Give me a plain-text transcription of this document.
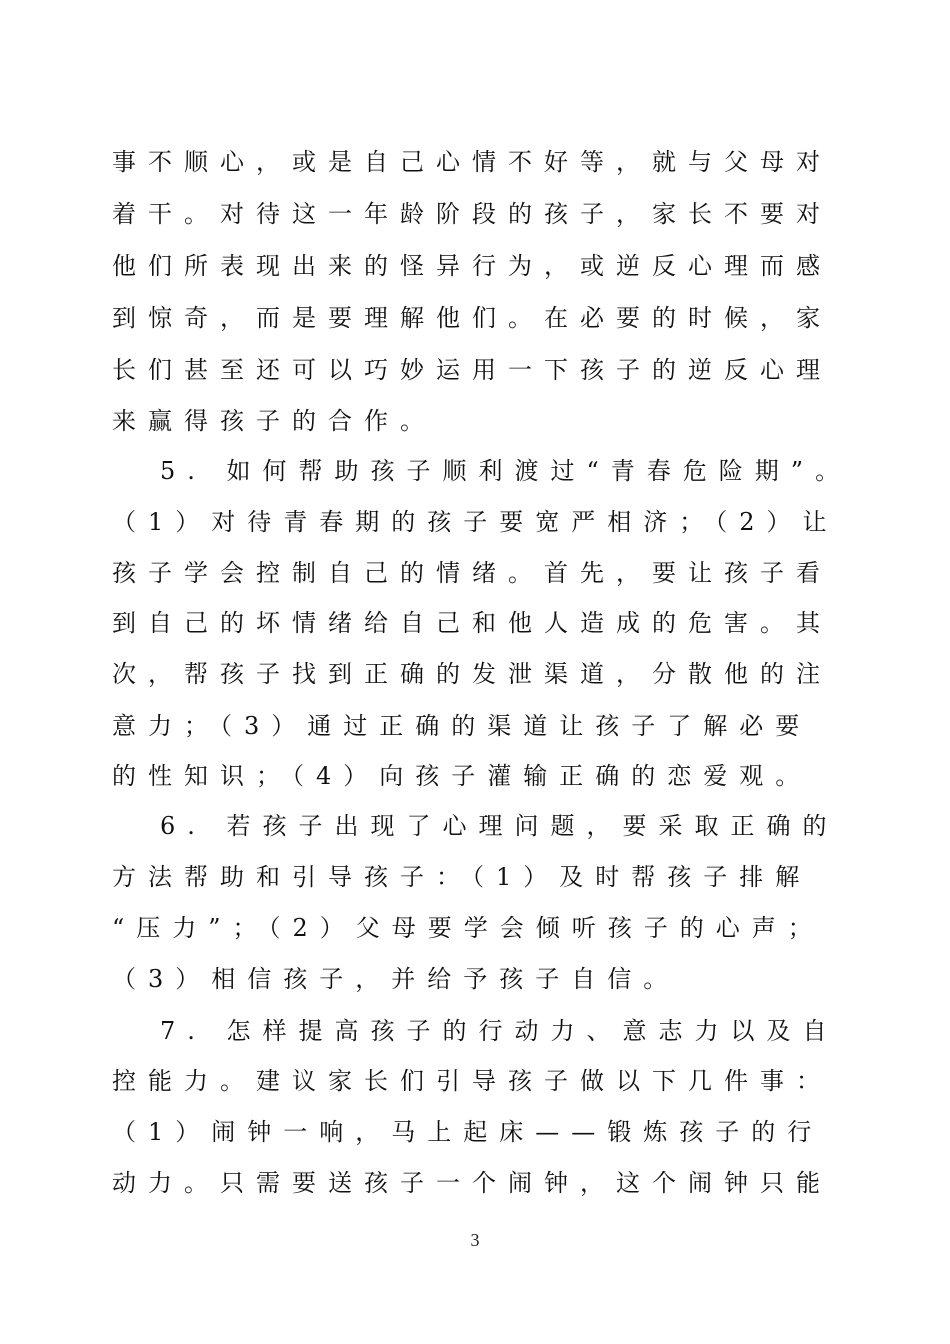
事不顺心，或是自己心情不好等，就与父母对
着干。对待这一年龄阶段的孩子，家长不要对
他们所表现出来的怪异行为，或逆反心理而感
到惊奇，而是要理解他们。在必要的时候，家
长们甚至还可以巧妙运用一下孩子的逆反心理
来赢得孩子的合作。
5. 如何帮助孩子顺利渡过“青春危险期”。
（1）对待青春期的孩子要宽严相济；（2）让
孩子学会控制自己的情绪。首先，要让孩子看
到自己的坏情绪给自己和他人造成的危害。其
次，帮孩子找到正确的发泄渠道，分散他的注
意力；（3）通过正确的渠道让孩子了解必要
的性知识；（4）向孩子灌输正确的恋爱观。
6. 若孩子出现了心理问题，要采取正确的
方法帮助和引导孩子：（1）及时帮孩子排解
“压力”；（2）父母要学会倾听孩子的心声；
（3）相信孩子，并给予孩子自信。
7. 怎样提高孩子的行动力、意志力以及自
控能力。建议家长们引导孩子做以下几件事：
（1）闹钟一响，马上起床——锻炼孩子的行
动力。只需要送孩子一个闹钟，这个闹钟只能
3
